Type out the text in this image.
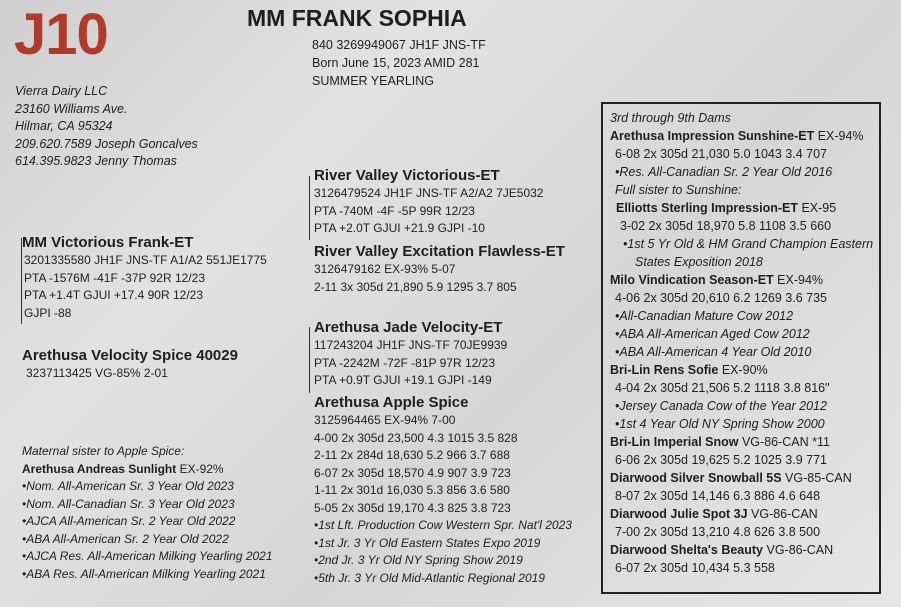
J10	MM FRANK SOPHIA
840 3269949067 JH1F JNS-TF
Born June 15, 2023 AMID 281
SUMMER YEARLING
Vierra Dairy LLC
23160 Williams Ave.
Hilmar, CA 95324
209.620.7589 Joseph Goncalves
614.395.9823 Jenny Thomas
MM Victorious Frank-ET
3201335580 JH1F JNS-TF A1/A2 551JE1775
PTA -1576M -41F -37P 92R 12/23
PTA +1.4T GJUI +17.4 90R 12/23
GJPI -88
Arethusa Velocity Spice 40029
3237113425 VG-85% 2-01
River Valley Victorious-ET
3126479524 JH1F JNS-TF A2/A2 7JE5032
PTA -740M -4F -5P 99R 12/23
PTA +2.0T GJUI +21.9 GJPI -10
River Valley Excitation Flawless-ET
3126479162 EX-93% 5-07
2-11 3x 305d 21,890 5.9 1295 3.7 805
Arethusa Jade Velocity-ET
117243204 JH1F JNS-TF 70JE9939
PTA -2242M -72F -81P 97R 12/23
PTA +0.9T GJUI +19.1 GJPI -149
Arethusa Apple Spice
3125964465 EX-94% 7-00
4-00 2x 305d 23,500 4.3 1015 3.5 828
2-11 2x 284d 18,630 5.2 966 3.7 688
6-07 2x 305d 18,570 4.9 907 3.9 723
1-11 2x 301d 16,030 5.3 856 3.6 580
5-05 2x 305d 19,170 4.3 825 3.8 723
•1st Lft. Production Cow Western Spr. Nat'l 2023
•1st Jr. 3 Yr Old Eastern States Expo 2019
•2nd Jr. 3 Yr Old NY Spring Show 2019
•5th Jr. 3 Yr Old Mid-Atlantic Regional 2019
Maternal sister to Apple Spice:
Arethusa Andreas Sunlight EX-92%
•Nom. All-American Sr. 3 Year Old 2023
•Nom. All-Canadian Sr. 3 Year Old 2023
•AJCA All-American Sr. 2 Year Old 2022
•ABA All-American Sr. 2 Year Old 2022
•AJCA Res. All-American Milking Yearling 2021
•ABA Res. All-American Milking Yearling 2021
3rd through 9th Dams
Arethusa Impression Sunshine-ET EX-94%
6-08 2x 305d 21,030 5.0 1043 3.4 707
•Res. All-Canadian Sr. 2 Year Old 2016
Full sister to Sunshine:
Elliotts Sterling Impression-ET EX-95
3-02 2x 305d 18,970 5.8 1108 3.5 660
•1st 5 Yr Old & HM Grand Champion Eastern
States Exposition 2018
Milo Vindication Season-ET EX-94%
4-06 2x 305d 20,610 6.2 1269 3.6 735
•All-Canadian Mature Cow 2012
•ABA All-American Aged Cow 2012
•ABA All-American 4 Year Old 2010
Bri-Lin Rens Sofie EX-90%
4-04 2x 305d 21,506 5.2 1118 3.8 816"
•Jersey Canada Cow of the Year 2012
•1st 4 Year Old NY Spring Show 2000
Bri-Lin Imperial Snow VG-86-CAN *11
6-06 2x 305d 19,625 5.2 1025 3.9 771
Diarwood Silver Snowball 5S VG-85-CAN
8-07 2x 305d 14,146 6.3 886 4.6 648
Diarwood Julie Spot 3J VG-86-CAN
7-00 2x 305d 13,210 4.8 626 3.8 500
Diarwood Shelta's Beauty VG-86-CAN
6-07 2x 305d 10,434 5.3 558
